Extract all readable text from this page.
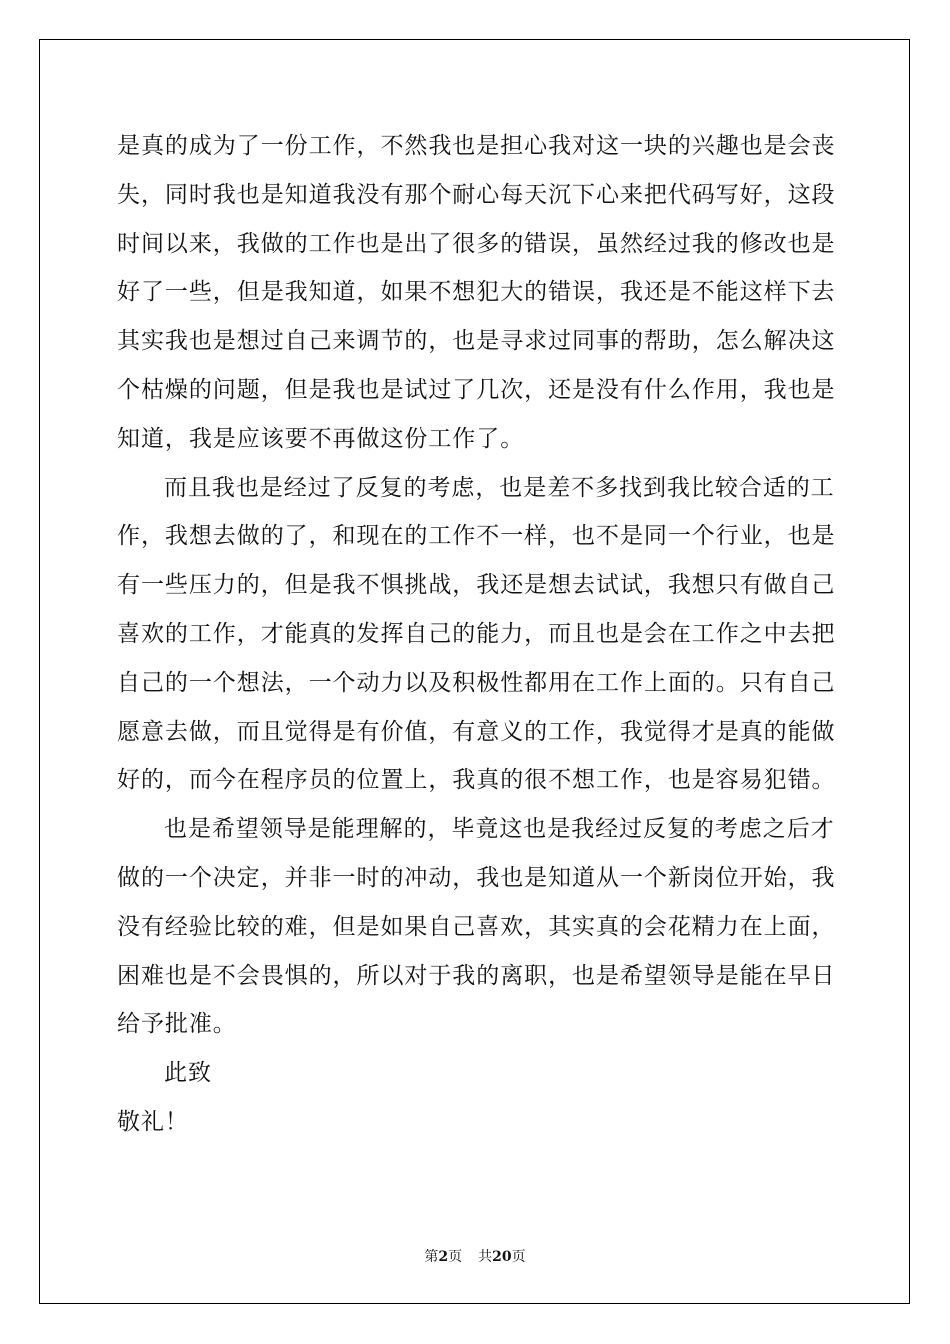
是真的成为了一份工作，不然我也是担心我对这一块的兴趣也是会丧
失，同时我也是知道我没有那个耐心每天沉下心来把代码写好，这段
时间以来，我做的工作也是出了很多的错误，虽然经过我的修改也是
好了一些，但是我知道，如果不想犯大的错误，我还是不能这样下去
其实我也是想过自己来调节的，也是寻求过同事的帮助，怎么解决这
个枯燥的问题，但是我也是试过了几次，还是没有什么作用，我也是
知道，我是应该要不再做这份工作了。
而且我也是经过了反复的考虑，也是差不多找到我比较合适的工
作，我想去做的了，和现在的工作不一样，也不是同一个行业，也是
有一些压力的，但是我不惧挑战，我还是想去试试，我想只有做自己
喜欢的工作，才能真的发挥自己的能力，而且也是会在工作之中去把
自己的一个想法，一个动力以及积极性都用在工作上面的。只有自己
愿意去做，而且觉得是有价值，有意义的工作，我觉得才是真的能做
好的，而今在程序员的位置上，我真的很不想工作，也是容易犯错。
也是希望领导是能理解的，毕竟这也是我经过反复的考虑之后才
做的一个决定，并非一时的冲动，我也是知道从一个新岗位开始，我
没有经验比较的难，但是如果自己喜欢，其实真的会花精力在上面，
困难也是不会畏惧的，所以对于我的离职，也是希望领导是能在早日
给予批准。
此致
敬礼！
第2页 共20页
